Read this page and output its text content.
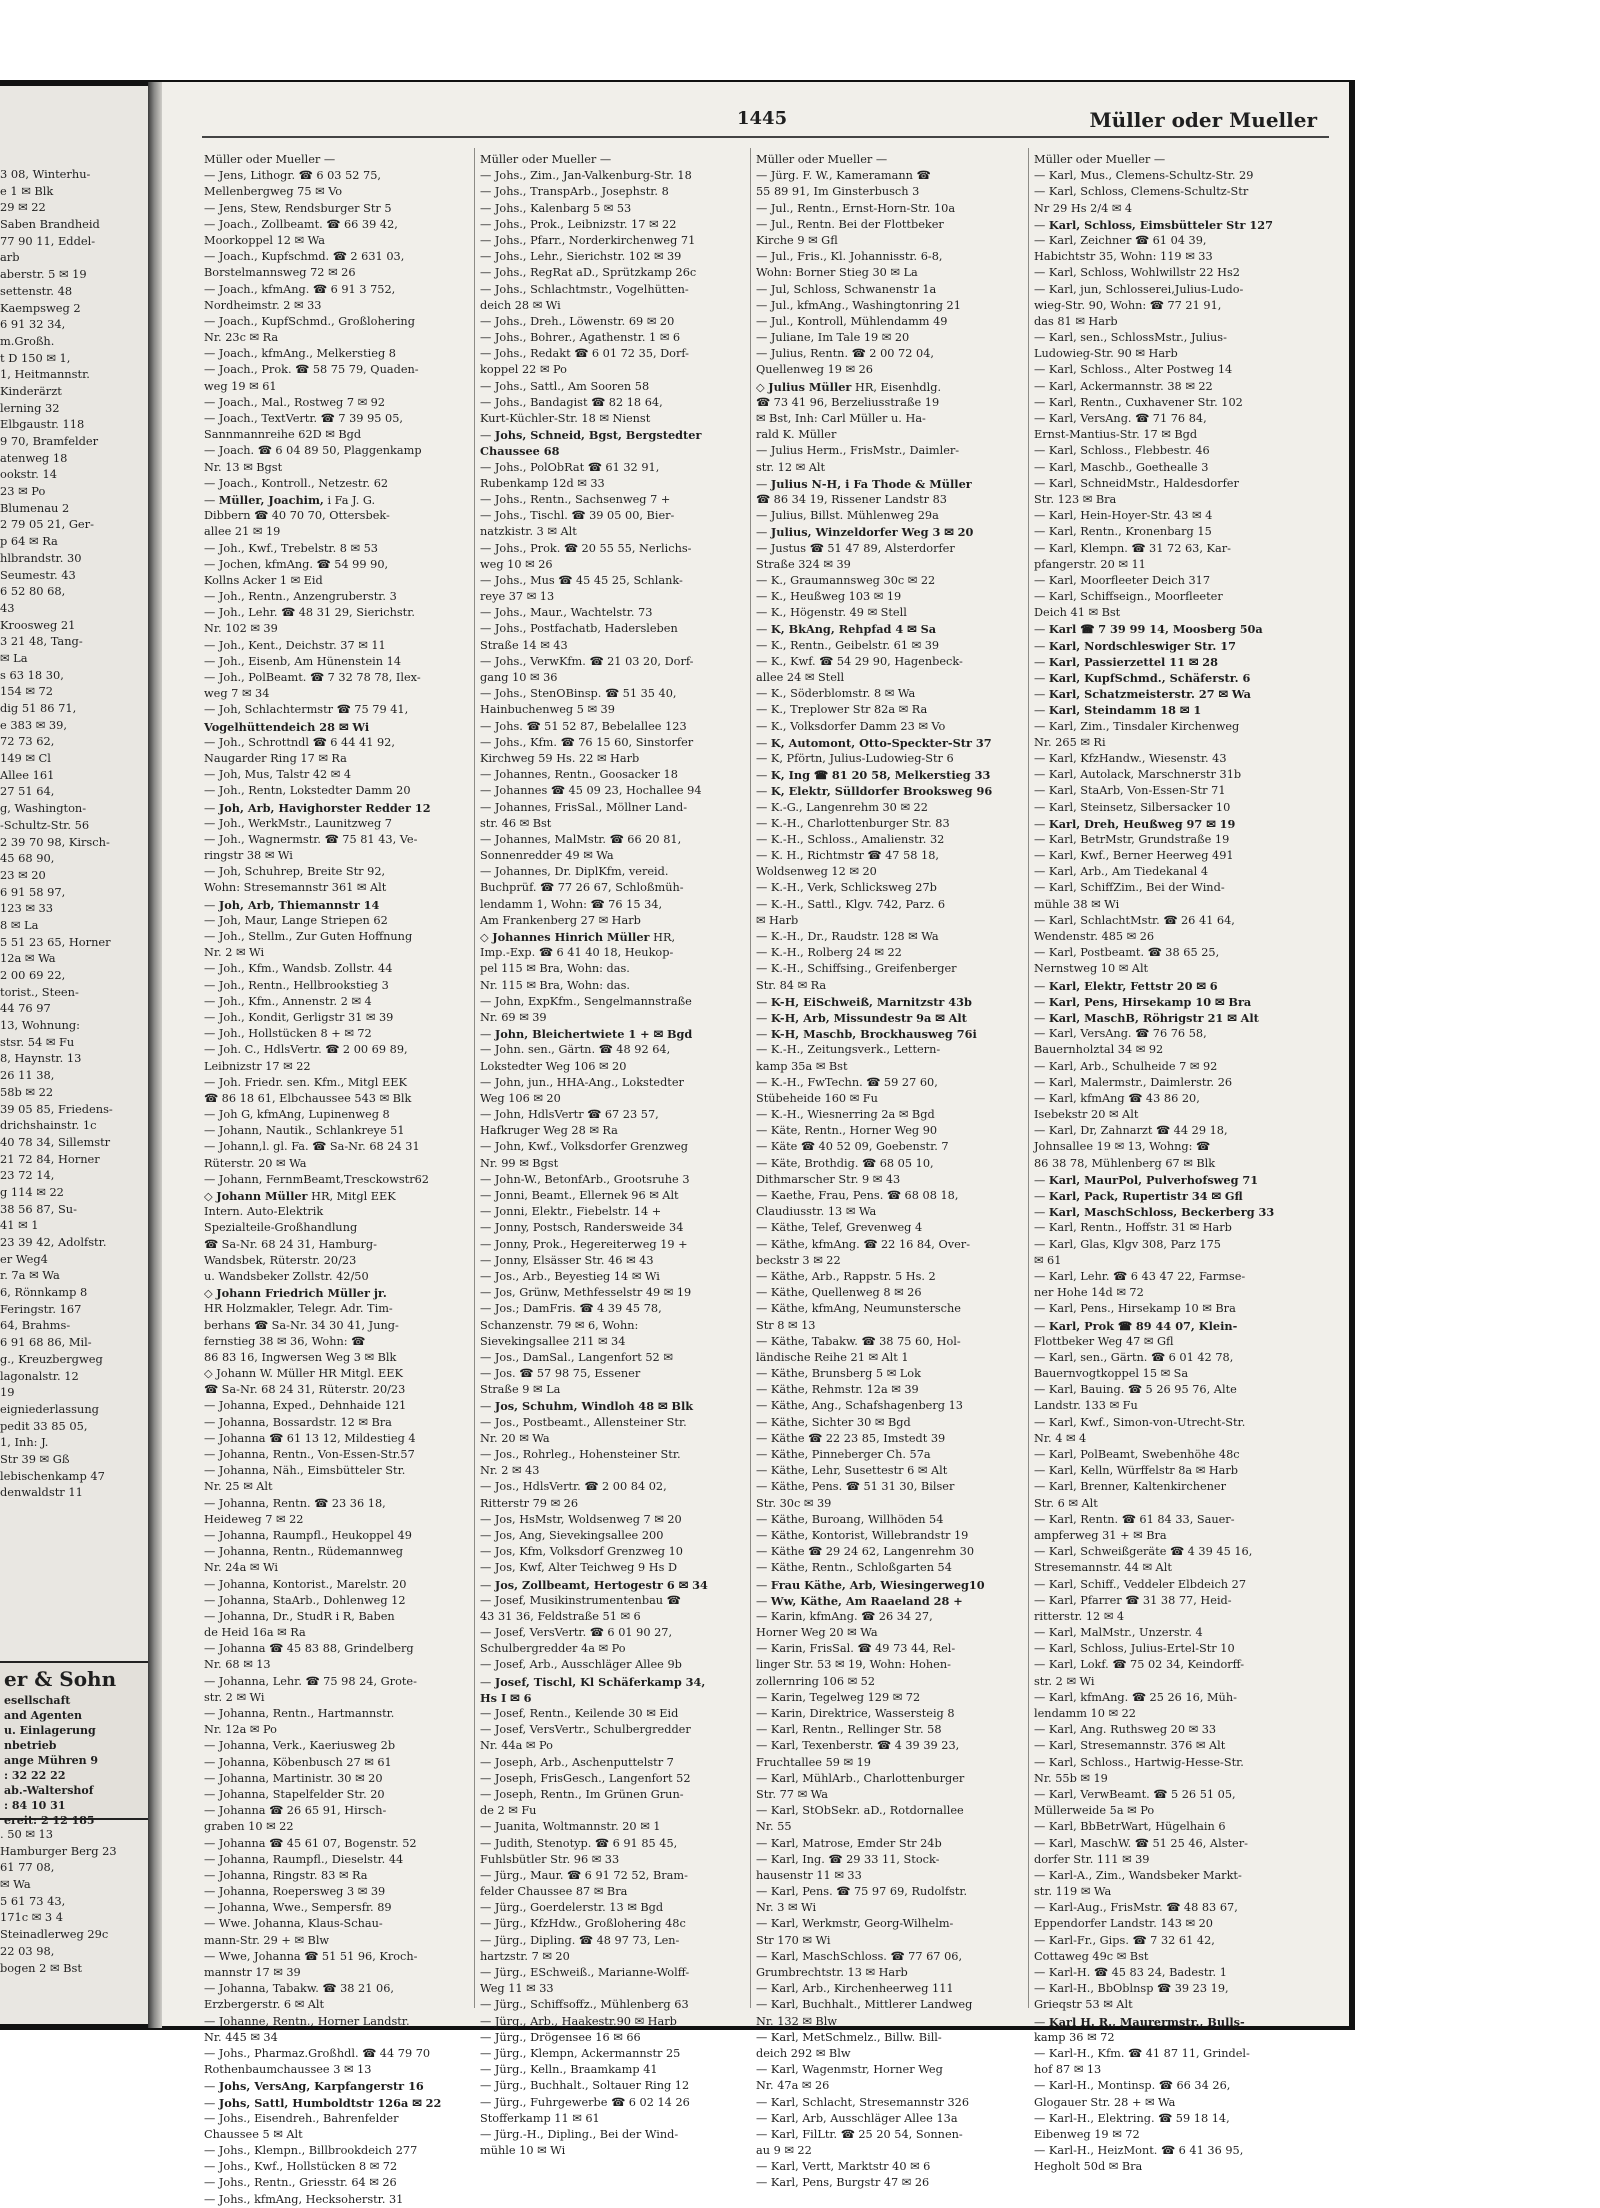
3 08, Winterhu-
e 1 ✉ Blk
29 ✉ 22
Saben Brandheid
77 90 11, Eddel-
arb
aberstr. 5 ✉ 19
settenstr. 48
Kaempsweg 2
6 91 32 34,
m.Großh.
t D 150 ✉ 1,
1, Heitmannstr.
Kinderärzt
lerning 32
Elbgaustr. 118
9 70, Bramfelder
atenweg 18
ookstr. 14
23 ✉ Po
Blumenau 2
2 79 05 21, Ger-
p 64 ✉ Ra
hlbrandstr. 30
Seumestr. 43
6 52 80 68,
43
Kroosweg 21
3 21 48, Tang-
✉ La
s 63 18 30,
154 ✉ 72
dig 51 86 71,
e 383 ✉ 39,
72 73 62,
149 ✉ Cl
Allee 161
27 51 64,
g, Washington-
-Schultz-Str. 56
2 39 70 98, Kirsch-
45 68 90,
23 ✉ 20
6 91 58 97,
123 ✉ 33
8 ✉ La
5 51 23 65, Horner
12a ✉ Wa
2 00 69 22,
torist., Steen-
44 76 97
13, Wohnung:
stsr. 54 ✉ Fu
8, Haynstr. 13
26 11 38,
58b ✉ 22
39 05 85, Friedens-
drichshainstr. 1c
40 78 34, Sillemstr
21 72 84, Horner
23 72 14,
g 114 ✉ 22
38 56 87, Su-
41 ✉ 1
23 39 42, Adolfstr.
er Weg4
r. 7a ✉ Wa
6, Rönnkamp 8
Feringstr. 167
64, Brahms-
6 91 68 86, Mil-
g., Kreuzbergweg
lagonalstr. 12
19
eigniederlassung
pedit 33 85 05,
1, Inh: J.
Str 39 ✉ Gß
lebischenkamp 47
denwaldstr 11
er & Sohn
esellschaft
and Agenten
u. Einlagerung
nbetrieb
ange Mühren 9
: 32 22 22
ab.-Waltershof
: 84 10 31
ereit: 2 12 185
. 50 ✉ 13
Hamburger Berg 23
61 77 08,
✉ Wa
5 61 73 43,
171c ✉ 3 4
Steinadlerweg 29c
22 03 98,
bogen 2 ✉ Bst
1445	Müller oder Mueller
Müller oder Mueller —
— Jens, Lithogr. ☎ 6 03 52 75,
Mellenbergweg 75 ✉ Vo
— Jens, Stew, Rendsburger Str 5
— Joach., Zollbeamt. ☎ 66 39 42,
Moorkoppel 12 ✉ Wa
— Joach., Kupfschmd. ☎ 2 631 03,
Borstelmannsweg 72 ✉ 26
— Joach., kfmAng. ☎ 6 91 3 752,
Nordheimstr. 2 ✉ 33
— Joach., KupfSchmd., Großlohering
Nr. 23c ✉ Ra
— Joach., kfmAng., Melkerstieg 8
— Joach., Prok. ☎ 58 75 79, Quaden-
weg 19 ✉ 61
— Joach., Mal., Rostweg 7 ✉ 92
— Joach., TextVertr. ☎ 7 39 95 05,
Sannmannreihe 62D ✉ Bgd
— Joach. ☎ 6 04 89 50, Plaggenkamp
Nr. 13 ✉ Bgst
— Joach., Kontroll., Netzestr. 62
— Müller, Joachim, i Fa J. G.
Dibbern ☎ 40 70 70, Ottersbek-
allee 21 ✉ 19
— Joh., Kwf., Trebelstr. 8 ✉ 53
— Jochen, kfmAng. ☎ 54 99 90,
Kollns Acker 1 ✉ Eid
— Joh., Rentn., Anzengruberstr. 3
— Joh., Lehr. ☎ 48 31 29, Sierichstr.
Nr. 102 ✉ 39
— Joh., Kent., Deichstr. 37 ✉ 11
— Joh., Eisenb, Am Hünenstein 14
— Joh., PolBeamt. ☎ 7 32 78 78, Ilex-
weg 7 ✉ 34
— Joh, Schlachtermstr ☎ 75 79 41,
Vogelhüttendeich 28 ✉ Wi
— Joh., Schrottndl ☎ 6 44 41 92,
Naugarder Ring 17 ✉ Ra
— Joh, Mus, Talstr 42 ✉ 4
— Joh., Rentn, Lokstedter Damm 20
— Joh, Arb, Havighorster Redder 12
— Joh., WerkMstr., Launitzweg 7
— Joh., Wagnermstr. ☎ 75 81 43, Ve-
ringstr 38 ✉ Wi
— Joh, Schuhrep, Breite Str 92,
Wohn: Stresemannstr 361 ✉ Alt
— Joh, Arb, Thiemannstr 14
— Joh, Maur, Lange Striepen 62
— Joh., Stellm., Zur Guten Hoffnung
Nr. 2 ✉ Wi
— Joh., Kfm., Wandsb. Zollstr. 44
— Joh., Rentn., Hellbrookstieg 3
— Joh., Kfm., Annenstr. 2 ✉ 4
— Joh., Kondit, Gerligstr 31 ✉ 39
— Joh., Hollstücken 8 + ✉ 72
— Joh. C., HdlsVertr. ☎ 2 00 69 89,
Leibnizstr 17 ✉ 22
— Joh. Friedr. sen. Kfm., Mitgl EEK
☎ 86 18 61, Elbchaussee 543 ✉ Blk
— Joh G, kfmAng, Lupinenweg 8
— Johann, Nautik., Schlankreye 51
— Johann,l. gl. Fa. ☎ Sa-Nr. 68 24 31
Rüterstr. 20 ✉ Wa
— Johann, FernmBeamt,Tresckowstr62
◇ Johann Müller HR, Mitgl EEK
Intern. Auto-Elektrik
Spezialteile-Großhandlung
☎ Sa-Nr. 68 24 31, Hamburg-
Wandsbek, Rüterstr. 20/23
u. Wandsbeker Zollstr. 42/50
◇ Johann Friedrich Müller jr.
HR Holzmakler, Telegr. Adr. Tim-
berhans ☎ Sa-Nr. 34 30 41, Jung-
fernstieg 38 ✉ 36, Wohn: ☎
86 83 16, Ingwersen Weg 3 ✉ Blk
◇ Johann W. Müller HR Mitgl. EEK
☎ Sa-Nr. 68 24 31, Rüterstr. 20/23
— Johanna, Exped., Dehnhaide 121
— Johanna, Bossardstr. 12 ✉ Bra
— Johanna ☎ 61 13 12, Mildestieg 4
— Johanna, Rentn., Von-Essen-Str.57
— Johanna, Näh., Eimsbütteler Str.
Nr. 25 ✉ Alt
— Johanna, Rentn. ☎ 23 36 18,
Heideweg 7 ✉ 22
— Johanna, Raumpfl., Heukoppel 49
— Johanna, Rentn., Rüdemannweg
Nr. 24a ✉ Wi
— Johanna, Kontorist., Marelstr. 20
— Johanna, StaArb., Dohlenweg 12
— Johanna, Dr., StudR i R, Baben
de Heid 16a ✉ Ra
— Johanna ☎ 45 83 88, Grindelberg
Nr. 68 ✉ 13
— Johanna, Lehr. ☎ 75 98 24, Grote-
str. 2 ✉ Wi
— Johanna, Rentn., Hartmannstr.
Nr. 12a ✉ Po
— Johanna, Verk., Kaeriusweg 2b
— Johanna, Köbenbusch 27 ✉ 61
— Johanna, Martinistr. 30 ✉ 20
— Johanna, Stapelfelder Str. 20
— Johanna ☎ 26 65 91, Hirsch-
graben 10 ✉ 22
— Johanna ☎ 45 61 07, Bogenstr. 52
— Johanna, Raumpfl., Dieselstr. 44
— Johanna, Ringstr. 83 ✉ Ra
— Johanna, Roepersweg 3 ✉ 39
— Johanna, Wwe., Sempersfr. 89
— Wwe. Johanna, Klaus-Schau-
mann-Str. 29 + ✉ Blw
— Wwe, Johanna ☎ 51 51 96, Kroch-
mannstr 17 ✉ 39
— Johanna, Tabakw. ☎ 38 21 06,
Erzbergerstr. 6 ✉ Alt
— Johanne, Rentn., Horner Landstr.
Nr. 445 ✉ 34
— Johs., Pharmaz.Großhdl. ☎ 44 79 70
Rothenbaumchaussee 3 ✉ 13
— Johs, VersAng, Karpfangerstr 16
— Johs, Sattl, Humboldtstr 126a ✉ 22
— Johs., Eisendreh., Bahrenfelder
Chaussee 5 ✉ Alt
— Johs., Klempn., Billbrookdeich 277
— Johs., Kwf., Hollstücken 8 ✉ 72
— Johs., Rentn., Griesstr. 64 ✉ 26
— Johs., kfmAng, Hecksoherstr. 31
Müller oder Mueller —
— Johs., Zim., Jan-Valkenburg-Str. 18
— Johs., TranspArb., Josephstr. 8
— Johs., Kalenbarg 5 ✉ 53
— Johs., Prok., Leibnizstr. 17 ✉ 22
— Johs., Pfarr., Norderkirchenweg 71
— Johs., Lehr., Sierichstr. 102 ✉ 39
— Johs., RegRat aD., Sprützkamp 26c
— Johs., Schlachtmstr., Vogelhütten-
deich 28 ✉ Wi
— Johs., Dreh., Löwenstr. 69 ✉ 20
— Johs., Bohrer., Agathenstr. 1 ✉ 6
— Johs., Redakt ☎ 6 01 72 35, Dorf-
koppel 22 ✉ Po
— Johs., Sattl., Am Sooren 58
— Johs., Bandagist ☎ 82 18 64,
Kurt-Küchler-Str. 18 ✉ Nienst
— Johs, Schneid, Bgst, Bergstedter
Chaussee 68
— Johs., PolObRat ☎ 61 32 91,
Rubenkamp 12d ✉ 33
— Johs., Rentn., Sachsenweg 7 +
— Johs., Tischl. ☎ 39 05 00, Bier-
natzkistr. 3 ✉ Alt
— Johs., Prok. ☎ 20 55 55, Nerlichs-
weg 10 ✉ 26
— Johs., Mus ☎ 45 45 25, Schlank-
reye 37 ✉ 13
— Johs., Maur., Wachtelstr. 73
— Johs., Postfachatb, Hadersleben
Straße 14 ✉ 43
— Johs., VerwKfm. ☎ 21 03 20, Dorf-
gang 10 ✉ 36
— Johs., StenOBinsp. ☎ 51 35 40,
Hainbuchenweg 5 ✉ 39
— Johs. ☎ 51 52 87, Bebelallee 123
— Johs., Kfm. ☎ 76 15 60, Sinstorfer
Kirchweg 59 Hs. 22 ✉ Harb
— Johannes, Rentn., Goosacker 18
— Johannes ☎ 45 09 23, Hochallee 94
— Johannes, FrisSal., Möllner Land-
str. 46 ✉ Bst
— Johannes, MalMstr. ☎ 66 20 81,
Sonnenredder 49 ✉ Wa
— Johannes, Dr. DiplKfm, vereid.
Buchprüf. ☎ 77 26 67, Schloßmüh-
lendamm 1, Wohn: ☎ 76 15 34,
Am Frankenberg 27 ✉ Harb
◇ Johannes Hinrich Müller HR,
Imp.-Exp. ☎ 6 41 40 18, Heukop-
pel 115 ✉ Bra, Wohn: das.
Nr. 115 ✉ Bra, Wohn: das.
— John, ExpKfm., Sengelmannstraße
Nr. 69 ✉ 39
— John, Bleichertwiete 1 + ✉ Bgd
— John. sen., Gärtn. ☎ 48 92 64,
Lokstedter Weg 106 ✉ 20
— John, jun., HHA-Ang., Lokstedter
Weg 106 ✉ 20
— John, HdlsVertr ☎ 67 23 57,
Hafkruger Weg 28 ✉ Ra
— John, Kwf., Volksdorfer Grenzweg
Nr. 99 ✉ Bgst
— John-W., BetonfArb., Grootsruhe 3
— Jonni, Beamt., Ellernek 96 ✉ Alt
— Jonni, Elektr., Fiebelstr. 14 +
— Jonny, Postsch, Randersweide 34
— Jonny, Prok., Hegereiterweg 19 +
— Jonny, Elsässer Str. 46 ✉ 43
— Jos., Arb., Beyestieg 14 ✉ Wi
— Jos, Grünw, Methfesselstr 49 ✉ 19
— Jos.; DamFris. ☎ 4 39 45 78,
Schanzenstr. 79 ✉ 6, Wohn:
Sievekingsallee 211 ✉ 34
— Jos., DamSal., Langenfort 52 ✉
— Jos. ☎ 57 98 75, Essener
Straße 9 ✉ La
— Jos, Schuhm, Windloh 48 ✉ Blk
— Jos., Postbeamt., Allensteiner Str.
Nr. 20 ✉ Wa
— Jos., Rohrleg., Hohensteiner Str.
Nr. 2 ✉ 43
— Jos., HdlsVertr. ☎ 2 00 84 02,
Ritterstr 79 ✉ 26
— Jos, HsMstr, Woldsenweg 7 ✉ 20
— Jos, Ang, Sievekingsallee 200
— Jos, Kfm, Volksdorf Grenzweg 10
— Jos, Kwf, Alter Teichweg 9 Hs D
— Jos, Zollbeamt, Hertogestr 6 ✉ 34
— Josef, Musikinstrumentenbau ☎
43 31 36, Feldstraße 51 ✉ 6
— Josef, VersVertr. ☎ 6 01 90 27,
Schulbergredder 4a ✉ Po
— Josef, Arb., Ausschläger Allee 9b
— Josef, Tischl, Kl Schäferkamp 34,
Hs I ✉ 6
— Josef, Rentn., Keilende 30 ✉ Eid
— Josef, VersVertr., Schulbergredder
Nr. 44a ✉ Po
— Joseph, Arb., Aschenputtelstr 7
— Joseph, FrisGesch., Langenfort 52
— Joseph, Rentn., Im Grünen Grun-
de 2 ✉ Fu
— Juanita, Woltmannstr. 20 ✉ 1
— Judith, Stenotyp. ☎ 6 91 85 45,
Fuhlsbütler Str. 96 ✉ 33
— Jürg., Maur. ☎ 6 91 72 52, Bram-
felder Chaussee 87 ✉ Bra
— Jürg., Goerdelerstr. 13 ✉ Bgd
— Jürg., KfzHdw., Großlohering 48c
— Jürg., Dipling. ☎ 48 97 73, Len-
hartzstr. 7 ✉ 20
— Jürg., ESchweiß., Marianne-Wolff-
Weg 11 ✉ 33
— Jürg., Schiffsoffz., Mühlenberg 63
— Jürg., Arb., Haakestr.90 ✉ Harb
— Jürg., Drögensee 16 ✉ 66
— Jürg., Klempn, Ackermannstr 25
— Jürg., Kelln., Braamkamp 41
— Jürg., Buchhalt., Soltauer Ring 12
— Jürg., Fuhrgewerbe ☎ 6 02 14 26
Stofferkamp 11 ✉ 61
— Jürg.-H., Dipling., Bei der Wind-
mühle 10 ✉ Wi
Müller oder Mueller —
— Jürg. F. W., Kameramann ☎
55 89 91, Im Ginsterbusch 3
— Jul., Rentn., Ernst-Horn-Str. 10a
— Jul., Rentn. Bei der Flottbeker
Kirche 9 ✉ Gfl
— Jul., Fris., Kl. Johannisstr. 6-8,
Wohn: Borner Stieg 30 ✉ La
— Jul, Schloss, Schwanenstr 1a
— Jul., kfmAng., Washingtonring 21
— Jul., Kontroll, Mühlendamm 49
— Juliane, Im Tale 19 ✉ 20
— Julius, Rentn. ☎ 2 00 72 04,
Quellenweg 19 ✉ 26
◇ Julius Müller HR, Eisenhdlg.
☎ 73 41 96, Berzeliusstraße 19
✉ Bst, Inh: Carl Müller u. Ha-
rald K. Müller
— Julius Herm., FrisMstr., Daimler-
str. 12 ✉ Alt
— Julius N-H, i Fa Thode & Müller
☎ 86 34 19, Rissener Landstr 83
— Julius, Billst. Mühlenweg 29a
— Julius, Winzeldorfer Weg 3 ✉ 20
— Justus ☎ 51 47 89, Alsterdorfer
Straße 324 ✉ 39
— K., Graumannsweg 30c ✉ 22
— K., Heußweg 103 ✉ 19
— K., Högenstr. 49 ✉ Stell
— K, BkAng, Rehpfad 4 ✉ Sa
— K., Rentn., Geibelstr. 61 ✉ 39
— K., Kwf. ☎ 54 29 90, Hagenbeck-
allee 24 ✉ Stell
— K., Söderblomstr. 8 ✉ Wa
— K., Treplower Str 82a ✉ Ra
— K., Volksdorfer Damm 23 ✉ Vo
— K, Automont, Otto-Speckter-Str 37
— K, Pförtn, Julius-Ludowieg-Str 6
— K, Ing ☎ 81 20 58, Melkerstieg 33
— K, Elektr, Sülldorfer Brooksweg 96
— K.-G., Langenrehm 30 ✉ 22
— K.-H., Charlottenburger Str. 83
— K.-H., Schloss., Amalienstr. 32
— K. H., Richtmstr ☎ 47 58 18,
Woldsenweg 12 ✉ 20
— K.-H., Verk, Schlicksweg 27b
— K.-H., Sattl., Klgv. 742, Parz. 6
✉ Harb
— K.-H., Dr., Raudstr. 128 ✉ Wa
— K.-H., Rolberg 24 ✉ 22
— K.-H., Schiffsing., Greifenberger
Str. 84 ✉ Ra
— K-H, EiSchweiß, Marnitzstr 43b
— K-H, Arb, Missundestr 9a ✉ Alt
— K-H, Maschb, Brockhausweg 76i
— K.-H., Zeitungsverk., Lettern-
kamp 35a ✉ Bst
— K.-H., FwTechn. ☎ 59 27 60,
Stübeheide 160 ✉ Fu
— K.-H., Wiesnerring 2a ✉ Bgd
— Käte, Rentn., Horner Weg 90
— Käte ☎ 40 52 09, Goebenstr. 7
— Käte, Brothdig. ☎ 68 05 10,
Dithmarscher Str. 9 ✉ 43
— Kaethe, Frau, Pens. ☎ 68 08 18,
Claudiusstr. 13 ✉ Wa
— Käthe, Telef, Grevenweg 4
— Käthe, kfmAng. ☎ 22 16 84, Over-
beckstr 3 ✉ 22
— Käthe, Arb., Rappstr. 5 Hs. 2
— Käthe, Quellenweg 8 ✉ 26
— Käthe, kfmAng, Neumunstersche
Str 8 ✉ 13
— Käthe, Tabakw. ☎ 38 75 60, Hol-
ländische Reihe 21 ✉ Alt 1
— Käthe, Brunsberg 5 ✉ Lok
— Käthe, Rehmstr. 12a ✉ 39
— Käthe, Ang., Schafshagenberg 13
— Käthe, Sichter 30 ✉ Bgd
— Käthe ☎ 22 23 85, Imstedt 39
— Käthe, Pinneberger Ch. 57a
— Käthe, Lehr, Susettestr 6 ✉ Alt
— Käthe, Pens. ☎ 51 31 30, Bilser
Str. 30c ✉ 39
— Käthe, Buroang, Willhöden 54
— Käthe, Kontorist, Willebrandstr 19
— Käthe ☎ 29 24 62, Langenrehm 30
— Käthe, Rentn., Schloßgarten 54
— Frau Käthe, Arb, Wiesingerweg10
— Ww, Käthe, Am Raaeland 28 +
— Karin, kfmAng. ☎ 26 34 27,
Horner Weg 20 ✉ Wa
— Karin, FrisSal. ☎ 49 73 44, Rel-
linger Str. 53 ✉ 19, Wohn: Hohen-
zollernring 106 ✉ 52
— Karin, Tegelweg 129 ✉ 72
— Karin, Direktrice, Wassersteig 8
— Karl, Rentn., Rellinger Str. 58
— Karl, Texenberstr. ☎ 4 39 39 23,
Fruchtallee 59 ✉ 19
— Karl, MühlArb., Charlottenburger
Str. 77 ✉ Wa
— Karl, StObSekr. aD., Rotdornallee
Nr. 55
— Karl, Matrose, Emder Str 24b
— Karl, Ing. ☎ 29 33 11, Stock-
hausenstr 11 ✉ 33
— Karl, Pens. ☎ 75 97 69, Rudolfstr.
Nr. 3 ✉ Wi
— Karl, Werkmstr, Georg-Wilhelm-
Str 170 ✉ Wi
— Karl, MaschSchloss. ☎ 77 67 06,
Grumbrechtstr. 13 ✉ Harb
— Karl, Arb., Kirchenheerweg 111
— Karl, Buchhalt., Mittlerer Landweg
Nr. 132 ✉ Blw
— Karl, MetSchmelz., Billw. Bill-
deich 292 ✉ Blw
— Karl, Wagenmstr, Horner Weg
Nr. 47a ✉ 26
— Karl, Schlacht, Stresemannstr 326
— Karl, Arb, Ausschläger Allee 13a
— Karl, FilLtr. ☎ 25 20 54, Sonnen-
au 9 ✉ 22
— Karl, Vertt, Marktstr 40 ✉ 6
— Karl, Pens, Burgstr 47 ✉ 26
Müller oder Mueller —
— Karl, Mus., Clemens-Schultz-Str. 29
— Karl, Schloss, Clemens-Schultz-Str
Nr 29 Hs 2/4 ✉ 4
— Karl, Schloss, Eimsbütteler Str 127
— Karl, Zeichner ☎ 61 04 39,
Habichtstr 35, Wohn: 119 ✉ 33
— Karl, Schloss, Wohlwillstr 22 Hs2
— Karl, jun, Schlosserei,Julius-Ludo-
wieg-Str. 90, Wohn: ☎ 77 21 91,
das 81 ✉ Harb
— Karl, sen., SchlossMstr., Julius-
Ludowieg-Str. 90 ✉ Harb
— Karl, Schloss., Alter Postweg 14
— Karl, Ackermannstr. 38 ✉ 22
— Karl, Rentn., Cuxhavener Str. 102
— Karl, VersAng. ☎ 71 76 84,
Ernst-Mantius-Str. 17 ✉ Bgd
— Karl, Schloss., Flebbestr. 46
— Karl, Maschb., Goethealle 3
— Karl, SchneidMstr., Haldesdorfer
Str. 123 ✉ Bra
— Karl, Hein-Hoyer-Str. 43 ✉ 4
— Karl, Rentn., Kronenbarg 15
— Karl, Klempn. ☎ 31 72 63, Kar-
pfangerstr. 20 ✉ 11
— Karl, Moorfleeter Deich 317
— Karl, Schiffseign., Moorfleeter
Deich 41 ✉ Bst
— Karl ☎ 7 39 99 14, Moosberg 50a
— Karl, Nordschleswiger Str. 17
— Karl, Passierzettel 11 ✉ 28
— Karl, KupfSchmd., Schäferstr. 6
— Karl, Schatzmeisterstr. 27 ✉ Wa
— Karl, Steindamm 18 ✉ 1
— Karl, Zim., Tinsdaler Kirchenweg
Nr. 265 ✉ Ri
— Karl, KfzHandw., Wiesenstr. 43
— Karl, Autolack, Marschnerstr 31b
— Karl, StaArb, Von-Essen-Str 71
— Karl, Steinsetz, Silbersacker 10
— Karl, Dreh, Heußweg 97 ✉ 19
— Karl, BetrMstr, Grundstraße 19
— Karl, Kwf., Berner Heerweg 491
— Karl, Arb., Am Tiedekanal 4
— Karl, SchiffZim., Bei der Wind-
mühle 38 ✉ Wi
— Karl, SchlachtMstr. ☎ 26 41 64,
Wendenstr. 485 ✉ 26
— Karl, Postbeamt. ☎ 38 65 25,
Nernstweg 10 ✉ Alt
— Karl, Elektr, Fettstr 20 ✉ 6
— Karl, Pens, Hirsekamp 10 ✉ Bra
— Karl, MaschB, Röhrigstr 21 ✉ Alt
— Karl, VersAng. ☎ 76 76 58,
Bauernholztal 34 ✉ 92
— Karl, Arb., Schulheide 7 ✉ 92
— Karl, Malermstr., Daimlerstr. 26
— Karl, kfmAng ☎ 43 86 20,
Isebekstr 20 ✉ Alt
— Karl, Dr, Zahnarzt ☎ 44 29 18,
Johnsallee 19 ✉ 13, Wohng: ☎
86 38 78, Mühlenberg 67 ✉ Blk
— Karl, MaurPol, Pulverhofsweg 71
— Karl, Pack, Rupertistr 34 ✉ Gfl
— Karl, MaschSchloss, Beckerberg 33
— Karl, Rentn., Hoffstr. 31 ✉ Harb
— Karl, Glas, Klgv 308, Parz 175
✉ 61
— Karl, Lehr. ☎ 6 43 47 22, Farmse-
ner Hohe 14d ✉ 72
— Karl, Pens., Hirsekamp 10 ✉ Bra
— Karl, Prok ☎ 89 44 07, Klein-
Flottbeker Weg 47 ✉ Gfl
— Karl, sen., Gärtn. ☎ 6 01 42 78,
Bauernvogtkoppel 15 ✉ Sa
— Karl, Bauing. ☎ 5 26 95 76, Alte
Landstr. 133 ✉ Fu
— Karl, Kwf., Simon-von-Utrecht-Str.
Nr. 4 ✉ 4
— Karl, PolBeamt, Swebenhöhe 48c
— Karl, Kelln, Würffelstr 8a ✉ Harb
— Karl, Brenner, Kaltenkirchener
Str. 6 ✉ Alt
— Karl, Rentn. ☎ 61 84 33, Sauer-
ampferweg 31 + ✉ Bra
— Karl, Schweißgeräte ☎ 4 39 45 16,
Stresemannstr. 44 ✉ Alt
— Karl, Schiff., Veddeler Elbdeich 27
— Karl, Pfarrer ☎ 31 38 77, Heid-
ritterstr. 12 ✉ 4
— Karl, MalMstr., Unzerstr. 4
— Karl, Schloss, Julius-Ertel-Str 10
— Karl, Lokf. ☎ 75 02 34, Keindorff-
str. 2 ✉ Wi
— Karl, kfmAng. ☎ 25 26 16, Müh-
lendamm 10 ✉ 22
— Karl, Ang. Ruthsweg 20 ✉ 33
— Karl, Stresemannstr. 376 ✉ Alt
— Karl, Schloss., Hartwig-Hesse-Str.
Nr. 55b ✉ 19
— Karl, VerwBeamt. ☎ 5 26 51 05,
Müllerweide 5a ✉ Po
— Karl, BbBetrWart, Hügelhain 6
— Karl, MaschW. ☎ 51 25 46, Alster-
dorfer Str. 111 ✉ 39
— Karl-A., Zim., Wandsbeker Markt-
str. 119 ✉ Wa
— Karl-Aug., FrisMstr. ☎ 48 83 67,
Eppendorfer Landstr. 143 ✉ 20
— Karl-Fr., Gips. ☎ 7 32 61 42,
Cottaweg 49c ✉ Bst
— Karl-H. ☎ 45 83 24, Badestr. 1
— Karl-H., BbOblnsp ☎ 39 23 19,
Grieqstr 53 ✉ Alt
— Karl H. R., Maurermstr., Bulls-
kamp 36 ✉ 72
— Karl-H., Kfm. ☎ 41 87 11, Grindel-
hof 87 ✉ 13
— Karl-H., Montinsp. ☎ 66 34 26,
Glogauer Str. 28 + ✉ Wa
— Karl-H., Elektring. ☎ 59 18 14,
Eibenweg 19 ✉ 72
— Karl-H., HeizMont. ☎ 6 41 36 95,
Hegholt 50d ✉ Bra
